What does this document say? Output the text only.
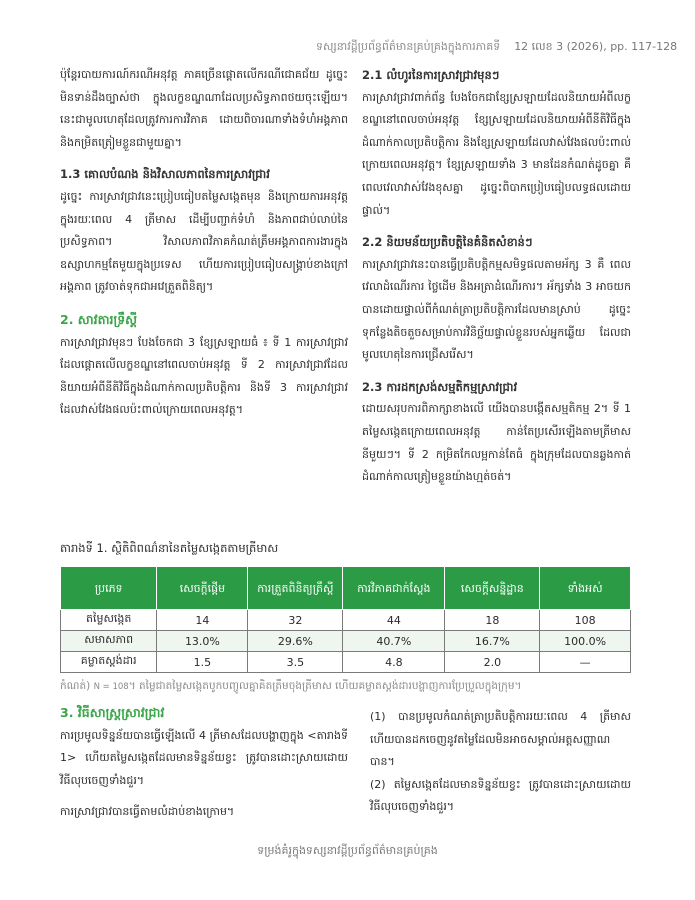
ទស្សនាវដ្ដីប្រព័ន្ធព័ត៌មានគ្រប់គ្រងក្នុងការភាគទី 12 លេខ 3 (2026), pp. 117-128

ប៉ុន្តែរបាយការណ៍ករណីអនុវត្ត ភាគច្រើនផ្ដោតលើករណីជោគជ័យ ដូច្នេះមិនទាន់ដឹងច្បាស់ថា ក្នុងលក្ខខណ្ឌណាដែលប្រសិទ្ធភាពថយចុះឡើយ។ នេះជាមូលហេតុដែលត្រូវការការវិភាគ ដោយពិចារណាទាំងទំហំអង្គភាព និងកម្រិតត្រៀមខ្លួនជាមួយគ្នា។

1.3 គោលបំណង និងវិសាលភាពនៃការស្រាវជ្រាវ

ដូច្នេះ ការស្រាវជ្រាវនេះប្រៀបធៀបតម្លៃសង្កេតមុន និងក្រោយការអនុវត្ត ក្នុងរយៈពេល 4 ត្រីមាស ដើម្បីបញ្ជាក់ទំហំ និងភាពជាប់លាប់នៃប្រសិទ្ធភាព។ វិសាលភាពវិភាគកំណត់ត្រឹមអង្គភាពការងារក្នុងឧស្សាហកម្មតែមួយក្នុងប្រទេស ហើយការប្រៀបធៀបសង្គ្រាប់ខាងក្រៅអង្គភាព ត្រូវចាត់ទុកជាអវេត្រួតពិនិត្យ។

2. សាវតារទ្រឹស្ដី

ការស្រាវជ្រាវមុនៗ បែងចែកជា 3 ខ្សែស្រឡាយធំ ៖ ទី 1 ការស្រាវជ្រាវដែលផ្ដោតលើលក្ខខណ្ឌនៅពេលចាប់អនុវត្ត ទី 2 ការស្រាវជ្រាវដែលនិយាយអំពីនីតិវិធីក្នុងដំណាក់កាលប្រតិបត្តិការ និងទី 3 ការស្រាវជ្រាវដែលវាស់វែងផលប៉ះពាល់ក្រោយពេលអនុវត្ត។

2.1 លំហូរនៃការស្រាវជ្រាវមុនៗ

ការស្រាវជ្រាវពាក់ព័ន្ធ បែងចែកជាខ្សែស្រឡាយដែលនិយាយអំពីលក្ខខណ្ឌនៅពេលចាប់អនុវត្ត ខ្សែស្រឡាយដែលនិយាយអំពីនីតិវិធីក្នុងដំណាក់កាលប្រតិបត្តិការ និងខ្សែស្រឡាយដែលវាស់វែងផលប៉ះពាល់ក្រោយពេលអនុវត្ត។ ខ្សែស្រឡាយទាំង 3 មានដែនកំណត់ដូចគ្នា គឺពេលវេលាវាស់វែងខុសគ្នា ដូច្នេះពិបាកប្រៀបធៀបលទ្ធផលដោយផ្ទាល់។

2.2 និយមន័យប្រតិបត្តិនៃគំនិតសំខាន់ៗ

ការស្រាវជ្រាវនេះបានធ្វើប្រតិបត្តិកម្មសមិទ្ធផលតាមអ័ក្ស 3 គឺ ពេលវេលាដំណើរការ ថ្លៃដើម និងអត្រាដំណើរការ។ អ័ក្សទាំង 3 អាចយកបានដោយផ្ទាល់ពីកំណត់ត្រាប្រតិបត្តិការដែលមានស្រាប់ ដូច្នេះទុកន្លែងតិចតួចសម្រាប់ការវិនិច្ឆ័យផ្ទាល់ខ្លួនរបស់អ្នកឆ្លើយ ដែលជាមូលហេតុនៃការជ្រើសរើស។

2.3 ការដកស្រង់សម្មតិកម្មស្រាវជ្រាវ

ដោយសរុបការពិភាក្សាខាងលើ យើងបានបង្កើតសម្មតិកម្ម 2។ ទី 1 តម្លៃសង្កេតក្រោយពេលអនុវត្ត កាន់តែប្រសើរឡើងតាមត្រីមាសនីមួយៗ។ ទី 2 កម្រិតកែលម្អកាន់តែធំ ក្នុងក្រុមដែលបានឆ្លងកាត់ដំណាក់កាលត្រៀមខ្លួនយ៉ាងហ្មត់ចត់។

តារាងទី 1. ស្ថិតិពិពណ៌នានៃតម្លៃសង្កេតតាមត្រីមាស
ប្រភេទ	សេចក្ដីផ្ដើម	ការត្រួតពិនិត្យត្រឹស្ដី	ការវិភាគជាក់ស្ដែង	សេចក្ដីសន្និដ្ឋាន	ទាំងអស់
តម្លៃសង្កេត	14	32	44	18	108
សមាសភាព	13.0%	29.6%	40.7%	16.7%	100.0%
គម្លាតស្តង់ដារ	1.5	3.5	4.8	2.0	—
កំណត់) N = 108។ តម្លៃជាតម្លៃសង្កេតបូកបញ្ចូលគ្នាគិតត្រឹមចុងត្រីមាស ហើយគម្លាតស្តង់ដារបង្ហាញការប្រែប្រួលក្នុងក្រុម។

3. វិធីសាស្រ្តស្រាវជ្រាវ

ការប្រមូលទិន្នន័យបានធ្វើឡើងលើ 4 ត្រីមាសដែលបង្ហាញក្នុង <តារាងទី 1> ហើយតម្លៃសង្កេតដែលមានទិន្នន័យខ្វះ ត្រូវបានដោះស្រាយដោយវិធីលុបចេញទាំងជួរ។

ការស្រាវជ្រាវបានធ្វើតាមលំដាប់ខាងក្រោម។

(1) បានប្រមូលកំណត់ត្រាប្រតិបត្តិការរយៈពេល 4 ត្រីមាស ហើយបានដកចេញនូវតម្លៃដែលមិនអាចសម្គាល់អត្តសញ្ញាណបាន។

(2) តម្លៃសង្កេតដែលមានទិន្នន័យខ្វះ ត្រូវបានដោះស្រាយដោយវិធីលុបចេញទាំងជួរ។

ទម្រង់គំរូក្នុងទស្សនាវដ្ដីប្រព័ន្ធព័ត៌មានគ្រប់គ្រង
